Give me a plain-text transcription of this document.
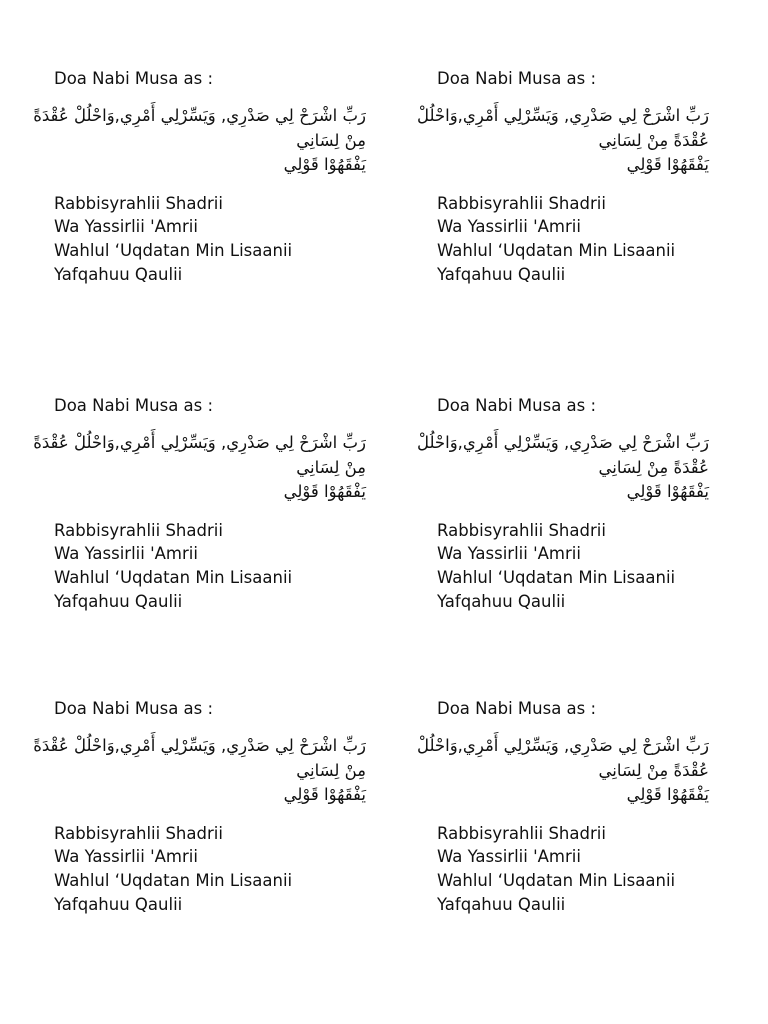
Doa Nabi Musa as :
رَبِّ اشْرَحْ لِي صَدْرِي, وَيَسِّرْلِي أَمْرِي,وَاحْلُلْ عُقْدَةً
مِنْ لِسَانِي
يَفْقَهُوْا قَوْلِي
Rabbisyrahlii Shadrii
Wa Yassirlii 'Amrii
Wahlul ‘Uqdatan Min Lisaanii
Yafqahuu Qaulii
Doa Nabi Musa as :
رَبِّ اشْرَحْ لِي صَدْرِي, وَيَسِّرْلِي أَمْرِي,وَاحْلُلْ
عُقْدَةً مِنْ لِسَانِي
يَفْقَهُوْا قَوْلِي
Rabbisyrahlii Shadrii
Wa Yassirlii 'Amrii
Wahlul ‘Uqdatan Min Lisaanii
Yafqahuu Qaulii
Doa Nabi Musa as :
رَبِّ اشْرَحْ لِي صَدْرِي, وَيَسِّرْلِي أَمْرِي,وَاحْلُلْ عُقْدَةً
مِنْ لِسَانِي
يَفْقَهُوْا قَوْلِي
Rabbisyrahlii Shadrii
Wa Yassirlii 'Amrii
Wahlul ‘Uqdatan Min Lisaanii
Yafqahuu Qaulii
Doa Nabi Musa as :
رَبِّ اشْرَحْ لِي صَدْرِي, وَيَسِّرْلِي أَمْرِي,وَاحْلُلْ
عُقْدَةً مِنْ لِسَانِي
يَفْقَهُوْا قَوْلِي
Rabbisyrahlii Shadrii
Wa Yassirlii 'Amrii
Wahlul ‘Uqdatan Min Lisaanii
Yafqahuu Qaulii
Doa Nabi Musa as :
رَبِّ اشْرَحْ لِي صَدْرِي, وَيَسِّرْلِي أَمْرِي,وَاحْلُلْ عُقْدَةً
مِنْ لِسَانِي
يَفْقَهُوْا قَوْلِي
Rabbisyrahlii Shadrii
Wa Yassirlii 'Amrii
Wahlul ‘Uqdatan Min Lisaanii
Yafqahuu Qaulii
Doa Nabi Musa as :
رَبِّ اشْرَحْ لِي صَدْرِي, وَيَسِّرْلِي أَمْرِي,وَاحْلُلْ
عُقْدَةً مِنْ لِسَانِي
يَفْقَهُوْا قَوْلِي
Rabbisyrahlii Shadrii
Wa Yassirlii 'Amrii
Wahlul ‘Uqdatan Min Lisaanii
Yafqahuu Qaulii
